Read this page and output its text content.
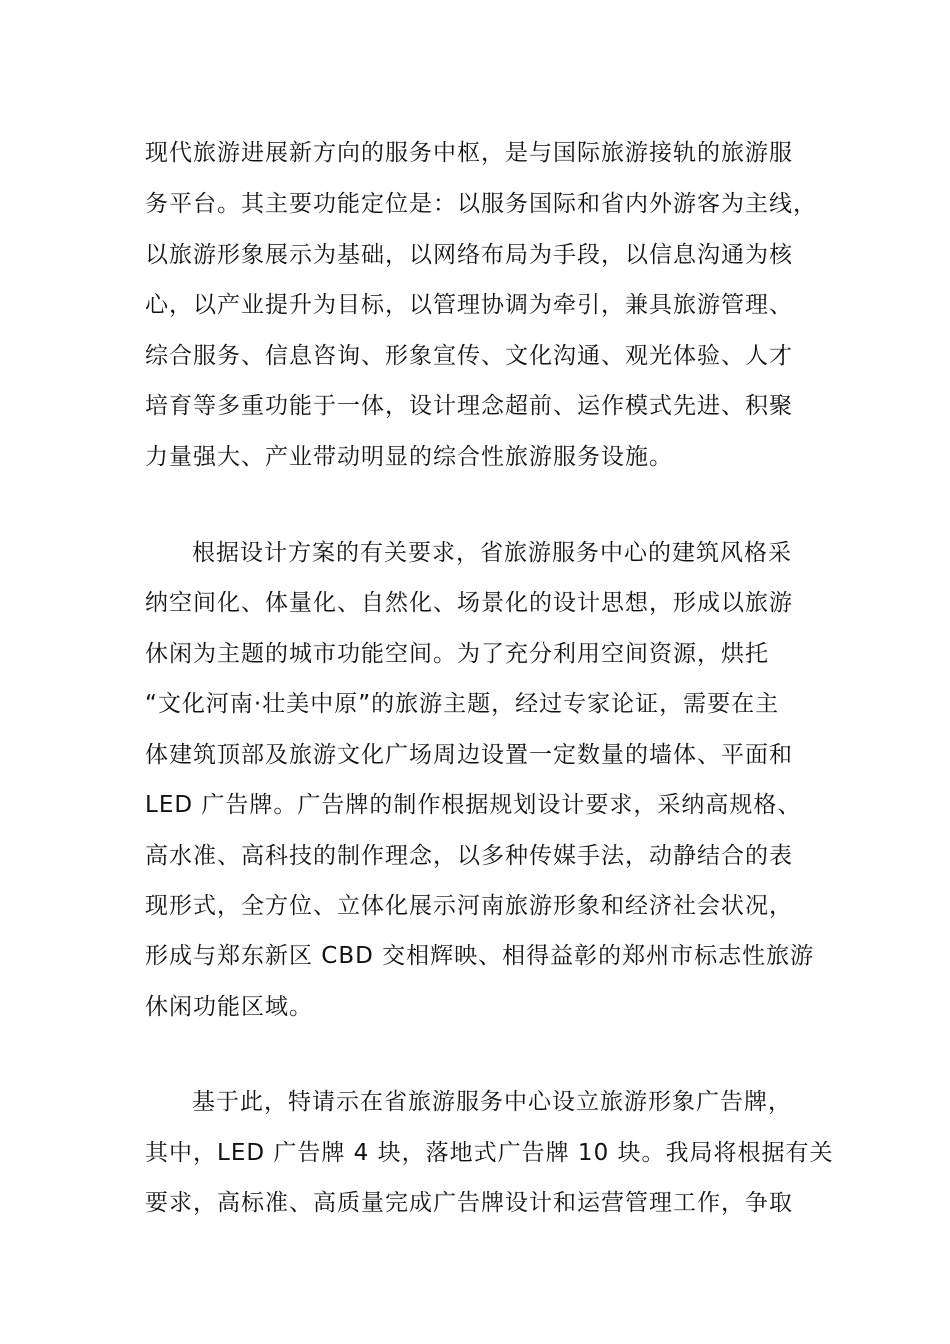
现代旅游进展新方向的服务中枢，是与国际旅游接轨的旅游服
务平台。其主要功能定位是：以服务国际和省内外游客为主线，
以旅游形象展示为基础，以网络布局为手段，以信息沟通为核
心，以产业提升为目标，以管理协调为牵引，兼具旅游管理、
综合服务、信息咨询、形象宣传、文化沟通、观光体验、人才
培育等多重功能于一体，设计理念超前、运作模式先进、积聚
力量强大、产业带动明显的综合性旅游服务设施。
根据设计方案的有关要求，省旅游服务中心的建筑风格采
纳空间化、体量化、自然化、场景化的设计思想，形成以旅游
休闲为主题的城市功能空间。为了充分利用空间资源，烘托
“文化河南·壮美中原”的旅游主题，经过专家论证，需要在主
体建筑顶部及旅游文化广场周边设置一定数量的墙体、平面和
LED 广告牌。广告牌的制作根据规划设计要求，采纳高规格、
高水准、高科技的制作理念，以多种传媒手法，动静结合的表
现形式，全方位、立体化展示河南旅游形象和经济社会状况，
形成与郑东新区 CBD 交相辉映、相得益彰的郑州市标志性旅游
休闲功能区域。
基于此，特请示在省旅游服务中心设立旅游形象广告牌，
其中，LED 广告牌 4 块，落地式广告牌 10 块。我局将根据有关
要求，高标准、高质量完成广告牌设计和运营管理工作，争取
